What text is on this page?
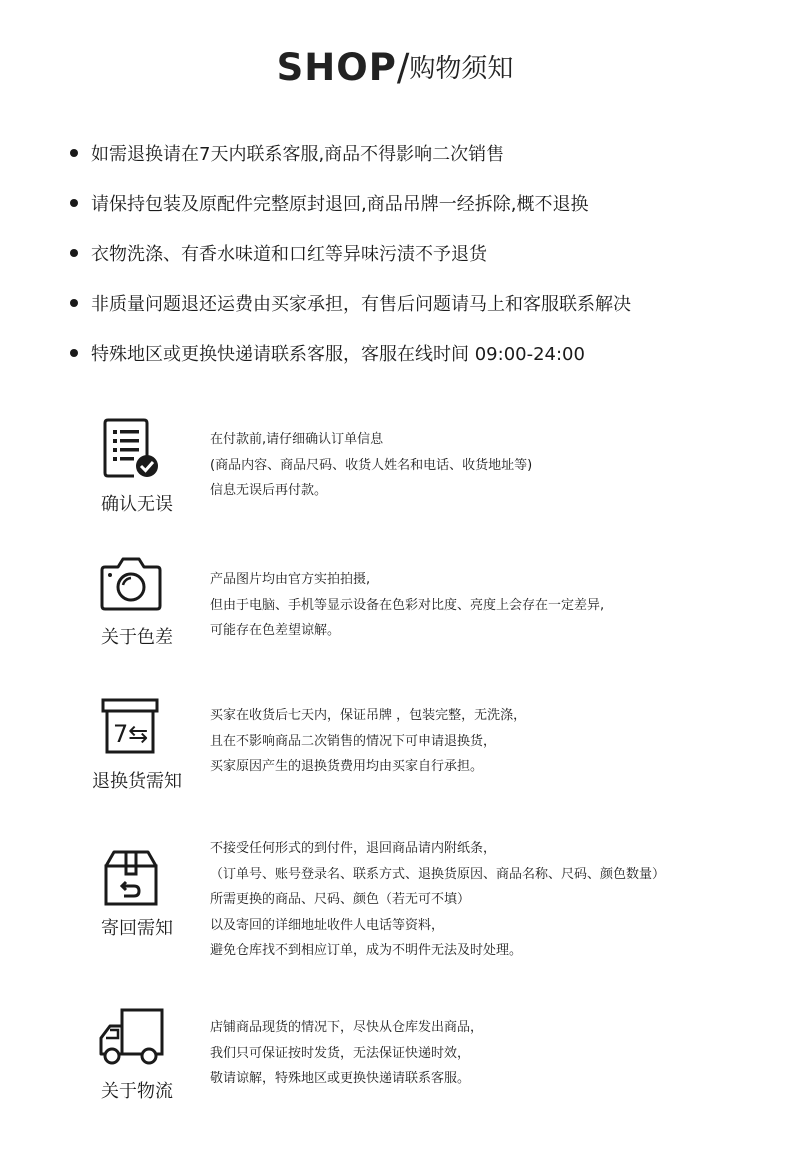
SHOP/购物须知
如需退换请在7天内联系客服,商品不得影响二次销售
请保持包装及原配件完整原封退回,商品吊牌一经拆除,概不退换
衣物洗涤、有香水味道和口红等异味污渍不予退货
非质量问题退还运费由买家承担，有售后问题请马上和客服联系解决
特殊地区或更换快递请联系客服，客服在线时间 09:00-24:00
确认无误
在付款前,请仔细确认订单信息
(商品内容、商品尺码、收货人姓名和电话、收货地址等)
信息无误后再付款。
关于色差
产品图片均由官方实拍拍摄,
但由于电脑、手机等显示设备在色彩对比度、亮度上会存在一定差异,
可能存在色差望谅解。
7⇆
退换货需知
买家在收货后七天内，保证吊牌 ，包装完整，无洗涤，
且在不影响商品二次销售的情况下可申请退换货，
买家原因产生的退换货费用均由买家自行承担。
寄回需知
不接受任何形式的到付件，退回商品请内附纸条，
（订单号、账号登录名、联系方式、退换货原因、商品名称、尺码、颜色数量）
所需更换的商品、尺码、颜色（若无可不填）
以及寄回的详细地址收件人电话等资料，
避免仓库找不到相应订单，成为不明件无法及时处理。
关于物流
店铺商品现货的情况下，尽快从仓库发出商品，
我们只可保证按时发货，无法保证快递时效，
敬请谅解，特殊地区或更换快递请联系客服。
